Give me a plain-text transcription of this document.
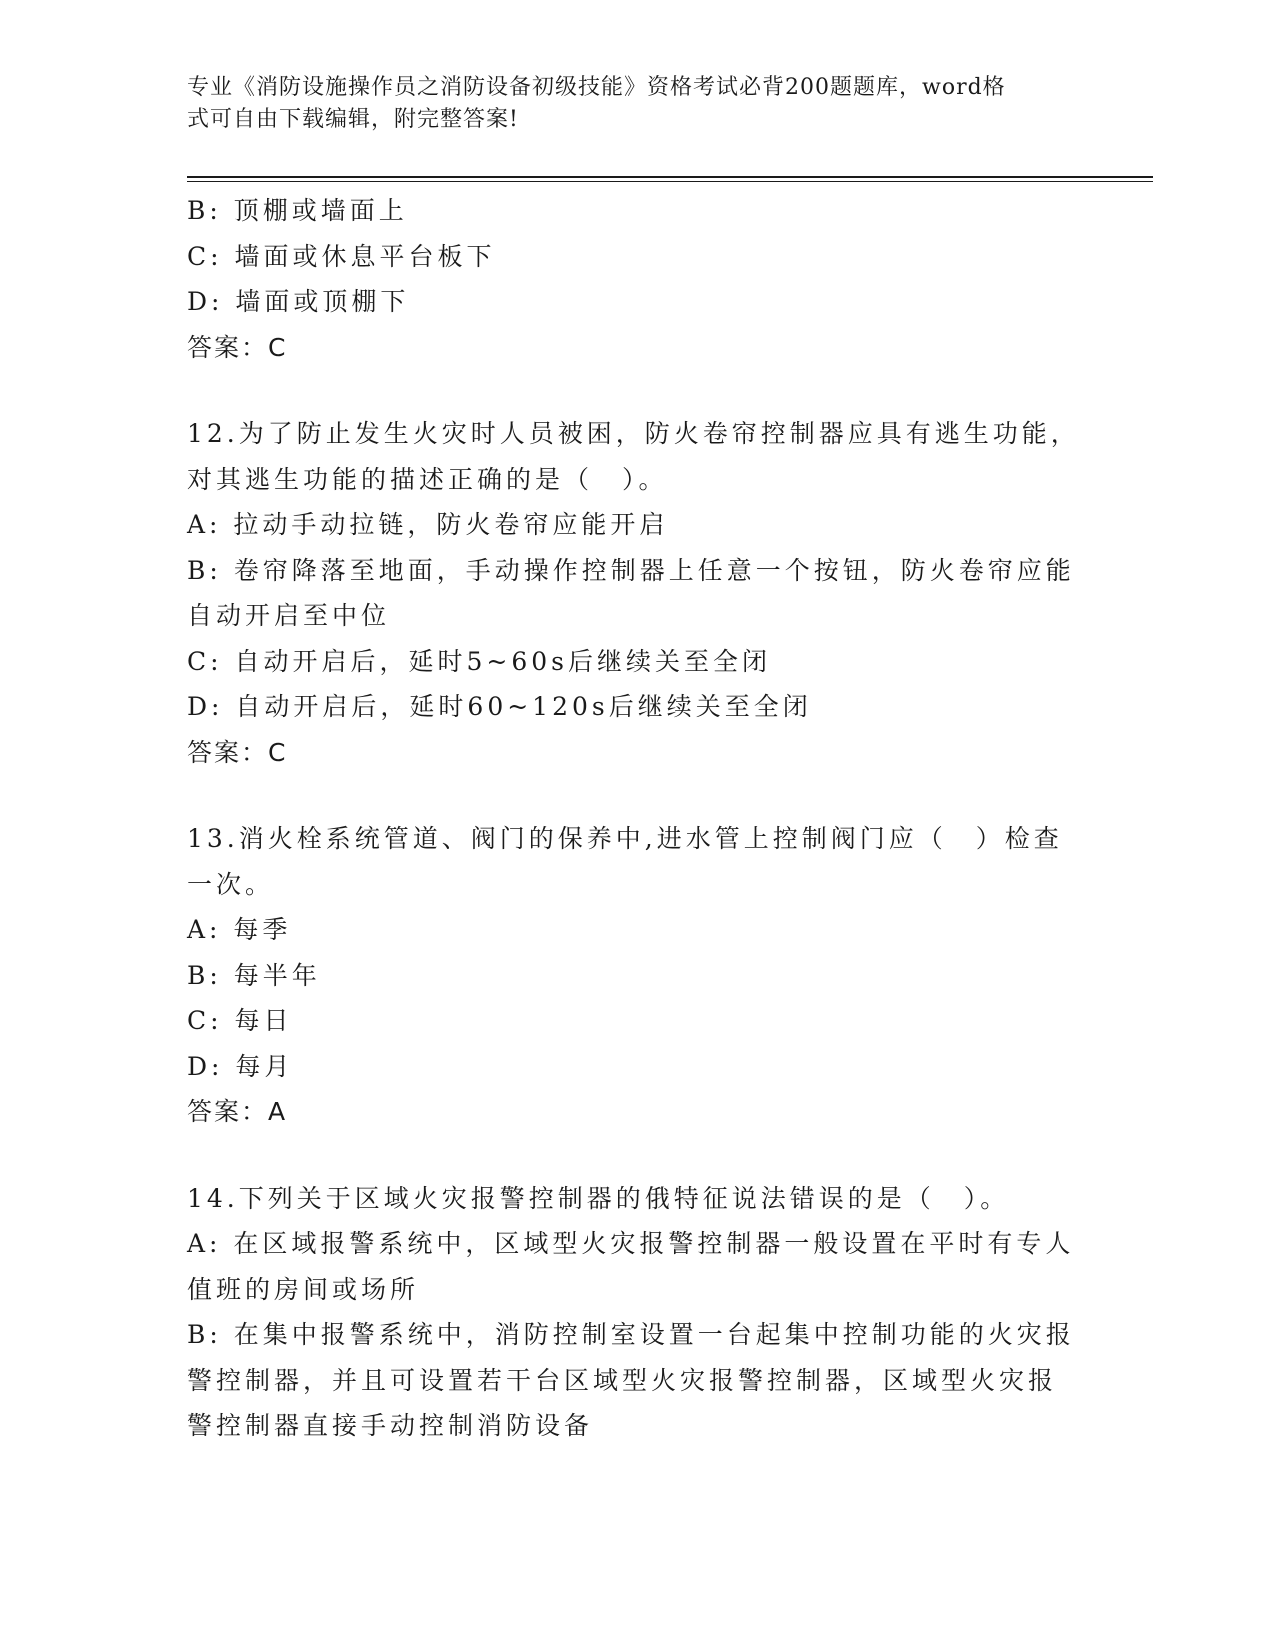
专业《消防设施操作员之消防设备初级技能》资格考试必背200题题库，word格
式可自由下载编辑，附完整答案!
B: 顶棚或墙面上
C: 墙面或休息平台板下
D: 墙面或顶棚下
答案：C
12.为了防止发生火灾时人员被困，防火卷帘控制器应具有逃生功能，
对其逃生功能的描述正确的是（　）。
A: 拉动手动拉链，防火卷帘应能开启
B: 卷帘降落至地面，手动操作控制器上任意一个按钮，防火卷帘应能
自动开启至中位
C: 自动开启后，延时5~60s后继续关至全闭
D: 自动开启后，延时60~120s后继续关至全闭
答案：C
13.消火栓系统管道、阀门的保养中,进水管上控制阀门应（　）检查
一次。
A: 每季
B: 每半年
C: 每日
D: 每月
答案：A
14.下列关于区域火灾报警控制器的俄特征说法错误的是（　）。
A: 在区域报警系统中，区域型火灾报警控制器一般设置在平时有专人
值班的房间或场所
B: 在集中报警系统中，消防控制室设置一台起集中控制功能的火灾报
警控制器，并且可设置若干台区域型火灾报警控制器，区域型火灾报
警控制器直接手动控制消防设备
